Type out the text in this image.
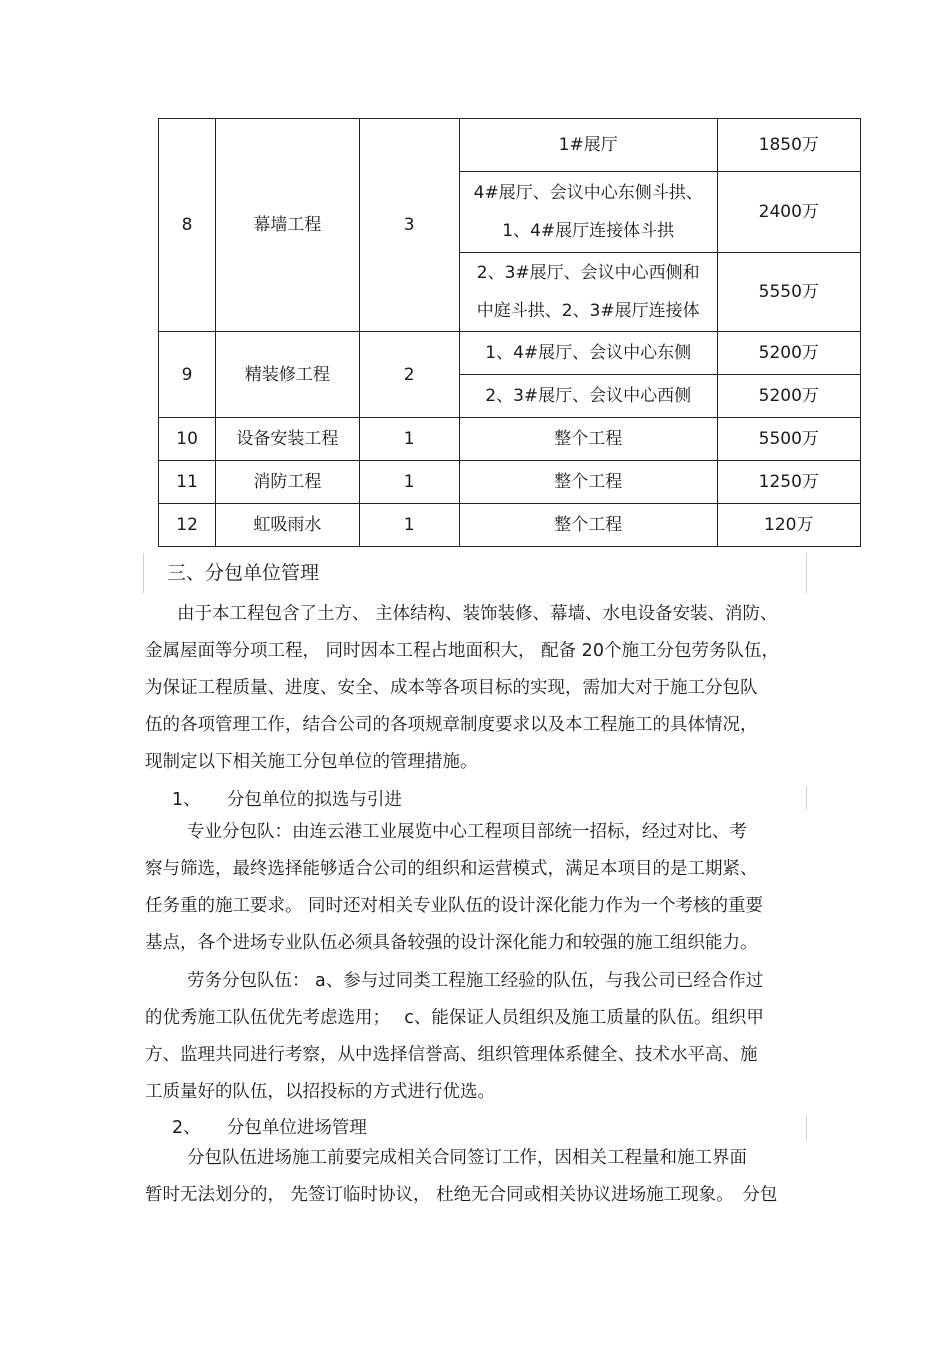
8	幕墙工程	3	1#展厅	1850万

			4#展厅、会议中心东侧斗拱、
1、4#展厅连接体斗拱	2400万

			2、3#展厅、会议中心西侧和
中庭斗拱、2、3#展厅连接体	5550万
9	精装修工程	2	1、4#展厅、会议中心东侧	5200万

			2、3#展厅、会议中心西侧	5200万
10	设备安装工程	1	整个工程	5500万
11	消防工程	1	整个工程	1250万
12	虹吸雨水	1	整个工程	120万
三、分包单位管理
由于本工程包含了土方、 主体结构、装饰装修、幕墙、水电设备安装、消防、
金属屋面等分项工程， 同时因本工程占地面积大， 配备 20个施工分包劳务队伍，
为保证工程质量、进度、安全、成本等各项目标的实现，需加大对于施工分包队
伍的各项管理工作，结合公司的各项规章制度要求以及本工程施工的具体情况，
现制定以下相关施工分包单位的管理措施。
1、　　分包单位的拟选与引进
专业分包队：由连云港工业展览中心工程项目部统一招标，经过对比、考
察与筛选，最终选择能够适合公司的组织和运营模式，满足本项目的是工期紧、
任务重的施工要求。 同时还对相关专业队伍的设计深化能力作为一个考核的重要
基点，各个进场专业队伍必须具备较强的设计深化能力和较强的施工组织能力。
劳务分包队伍： a、参与过同类工程施工经验的队伍，与我公司已经合作过
的优秀施工队伍优先考虑选用；　 c、能保证人员组织及施工质量的队伍。组织甲
方、监理共同进行考察，从中选择信誉高、组织管理体系健全、技术水平高、施
工质量好的队伍，以招投标的方式进行优选。
2、　　分包单位进场管理
分包队伍进场施工前要完成相关合同签订工作，因相关工程量和施工界面
暂时无法划分的， 先签订临时协议， 杜绝无合同或相关协议进场施工现象。　分包
